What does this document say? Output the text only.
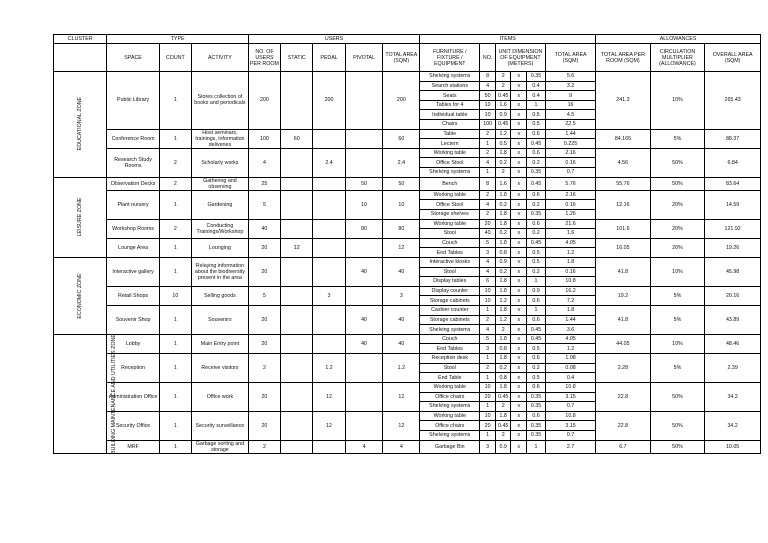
CLUSTER	TYPE			USERS					ITEMS						ALLOWANCES		
	SPACE	COUNT	ACTIVITY	NO. OF USERS PER ROOM	STATIC	PEDAL	PIVOTAL	TOTAL AREA (SQM)	FURNITURE / FIXTURE / EQUIPMENT	NO.	UNIT DIMENSION OF EQUIPMENT (METERS)			TOTAL AREA (SQM)	TOTAL AREA PER ROOM (SQM)	CIRCULATION MULTIPLIER (ALLOWANCE)	OVERALL AREA (SQM)

EDUCATIONAL ZONE	Public Library	1	Stores collection of books and periodicals	200		200		200	Shelving systems	8	2	x	0.35	5.6	241.3	10%	265.43
									Search stations	4	2	x	0.4	3.2			
									Seats	50	0.45	x	0.4	9			
									Tables for 4	10	1.6	x	1	16			
									Individual table	10	0.9	x	0.5	4.5			
									Chairs	100	0.45	x	0.5	22.5			
	Conference Room	1	Host seminars, trainings, information deliveries	100	60			60	Table	2	1.2	x	0.6	1.44	84.165	5%	88.37
									Lectern	1	0.5	x	0.45	0.225			
	Research Study Rooms	2	Scholarly works	4		2.4		2.4	Working table	2	1.8	x	0.6	2.16	4.56	50%	6.84
									Office Stool	4	0.2	x	0.2	0.16			
									Shelving systems	1	2	x	0.35	0.7			

LEISURE ZONE	Observation Decks	2	Gathering and observing	25			50	50	Bench	8	1.6	x	0.45	5.76	55.76	50%	83.64
	Plant nursery	1	Gardening	5			10	10	Working table	2	1.8	x	0.6	2.16	12.16	20%	14.59
									Office Stool	4	0.2	x	0.2	0.16			
									Storage shelves	2	1.8	x	0.35	1.26			
	Workshop Rooms	2	Conducting Trainings/Workshop	40			80	80	Working table	20	1.8	x	0.6	21.6	101.6	20%	121.92
									Stool	40	0.2	x	0.2	1.6			
	Lounge Area	1	Lounging	20	12			12	Couch	5	1.8	x	0.45	4.05	16.05	20%	19.26
									End Tables	3	0.8	x	0.5	1.2			

ECONOMIC ZONE	Interactive gallery	1	Relaying information about the biodiversity present in the area	20			40	40	Interactive kiosks	4	0.9	x	0.5	1.8	41.8	10%	45.98
									Stool	4	0.2	x	0.2	0.16			
									Display tables	6	1.8	x	1	10.8			
	Retail Shops	10	Selling goods	5		3		3	Display counter	10	1.8	x	0.9	16.2	19.2	5%	20.16
									Storage cabinets	10	1.2	x	0.6	7.2			
	Souvenir Shop	1	Souvenirs	20			40	40	Cashier counter	1	1.8	x	1	1.8	41.8	5%	43.89
									Storage cabinets	2	1.2	x	0.6	1.44			
									Shelving systems	4	2	x	0.45	3.6			

BUILDING MAINTENANCE AND UTILITIES ZONE	Lobby	1	Main Entry point	20			40	40	Couch	5	1.8	x	0.45	4.05	44.05	10%	48.46
									End Tables	3	0.8	x	0.5	1.2			
	Reception	1	Receive visitors	2		1.2		1.2	Reception desk	1	1.8	x	0.6	1.08	2.28	5%	2.39
									Stool	2	0.2	x	0.2	0.08			
									End Table	1	0.8	x	0.5	0.4			
	Administration Office	1	Office work	20		12		12	Working table	10	1.8	x	0.6	10.8	22.8	50%	34.2
									Office chairs	20	0.45	x	0.35	3.15			
									Shelving systems	1	2	x	0.35	0.7			
	Security Office	1	Security surveillance	20		12		12	Working table	10	1.8	x	0.6	10.8	22.8	50%	34.2
									Office chairs	20	0.45	x	0.35	3.15			
									Shelving systems	1	2	x	0.35	0.7			
	MRF	1	Garbage sorting and storage	2			4	4	Garbage Bin	3	0.9	x	1	2.7	6.7	50%	10.05
